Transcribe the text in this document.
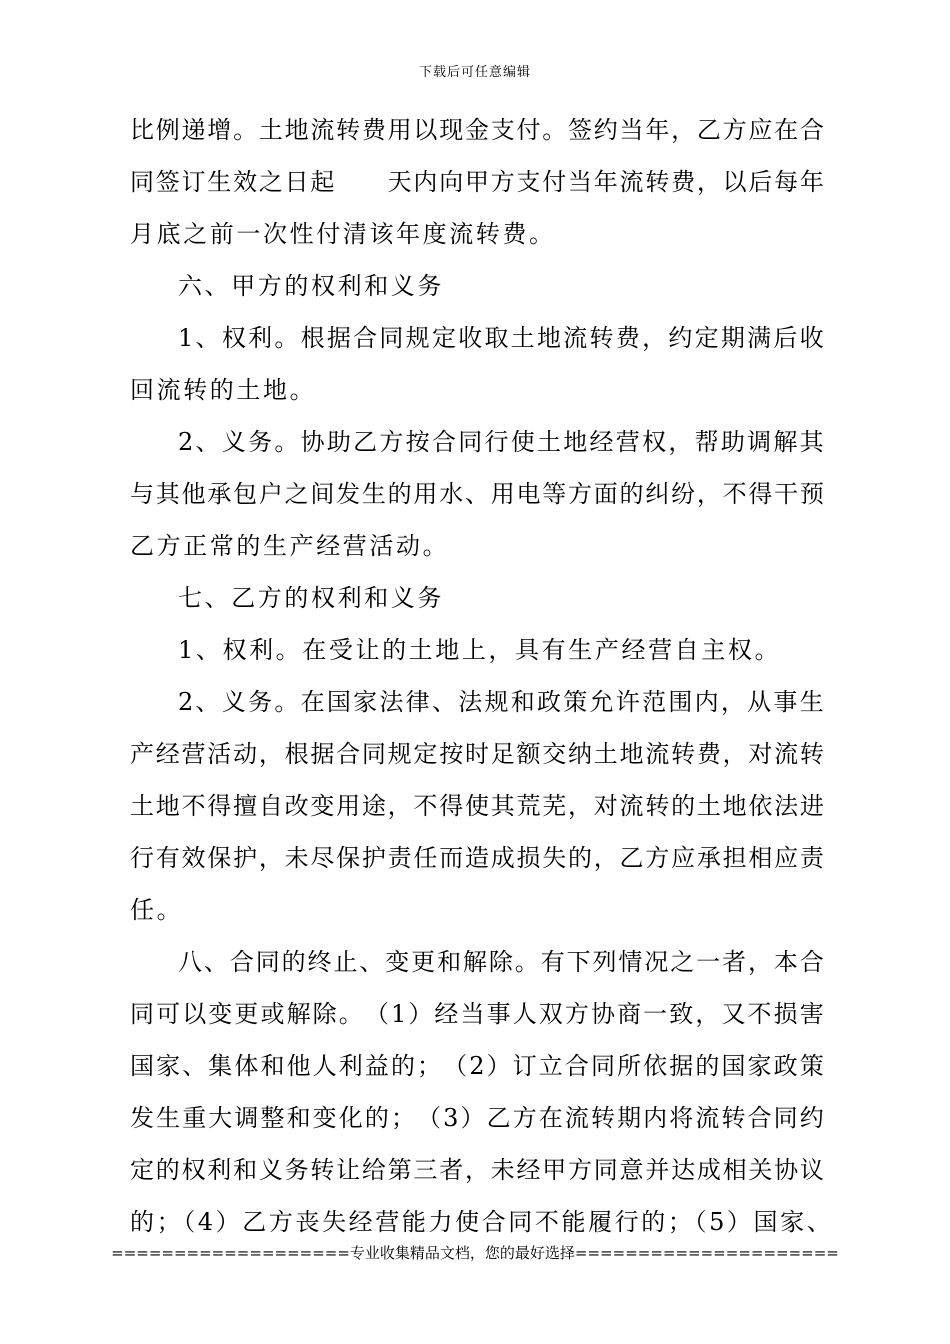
下载后可任意编辑
比 例 递 增 。 土 地 流 转 费 用 以 现 金 支 付 。 签 约 当 年 ， 乙 方 应 在 合
同 签 订 生 效 之 日 起

　 天 内 向 甲 方 支 付 当 年 流 转 费 ， 以 后 每 年
月底之前一次性付清该年度流转费。
六、甲方的权利和义务
1 、 权 利 。 根 据 合 同 规 定 收 取 土 地 流 转 费 ， 约 定 期 满 后 收
回流转的土地。
2 、 义 务 。 协 助 乙 方 按 合 同 行 使 土 地 经 营 权 ， 帮 助 调 解 其
与 其 他 承 包 户 之 间 发 生 的 用 水 、 用 电 等 方 面 的 纠 纷 ， 不 得 干 预
乙方正常的生产经营活动。
七、乙方的权利和义务
1、权利。在受让的土地上，具有生产经营自主权。
2 、 义 务 。 在 国 家 法 律 、 法 规 和 政 策 允 许 范 围 内 ， 从 事 生
产 经 营 活 动 ， 根 据 合 同 规 定 按 时 足 额 交 纳 土 地 流 转 费 ， 对 流 转
土 地 不 得 擅 自 改 变 用 途 ， 不 得 使 其 荒 芜 ， 对 流 转 的 土 地 依 法 进
行 有 效 保 护 ， 未 尽 保 护 责 任 而 造 成 损 失 的 ， 乙 方 应 承 担 相 应 责
任。
八 、 合 同 的 终 止 、 变 更 和 解 除 。 有 下 列 情 况 之 一 者 ， 本 合
同 可 以 变 更 或 解 除 。 （ 1 ） 经 当 事 人 双 方 协 商 一 致 ， 又 不 损 害
国 家 、 集 体 和 他 人 利 益 的 ； （ 2 ） 订 立 合 同 所 依 据 的 国 家 政 策
发 生 重 大 调 整 和 变 化 的 ； （ 3 ） 乙 方 在 流 转 期 内 将 流 转 合 同 约
定 的 权 利 和 义 务 转 让 给 第 三 者 ， 未 经 甲 方 同 意 并 达 成 相 关 协 议
的；（4）乙方丧失经营能力使合同不能履行的；（5）国家、
===================专业收集精品文档，您的最好选择=====================
